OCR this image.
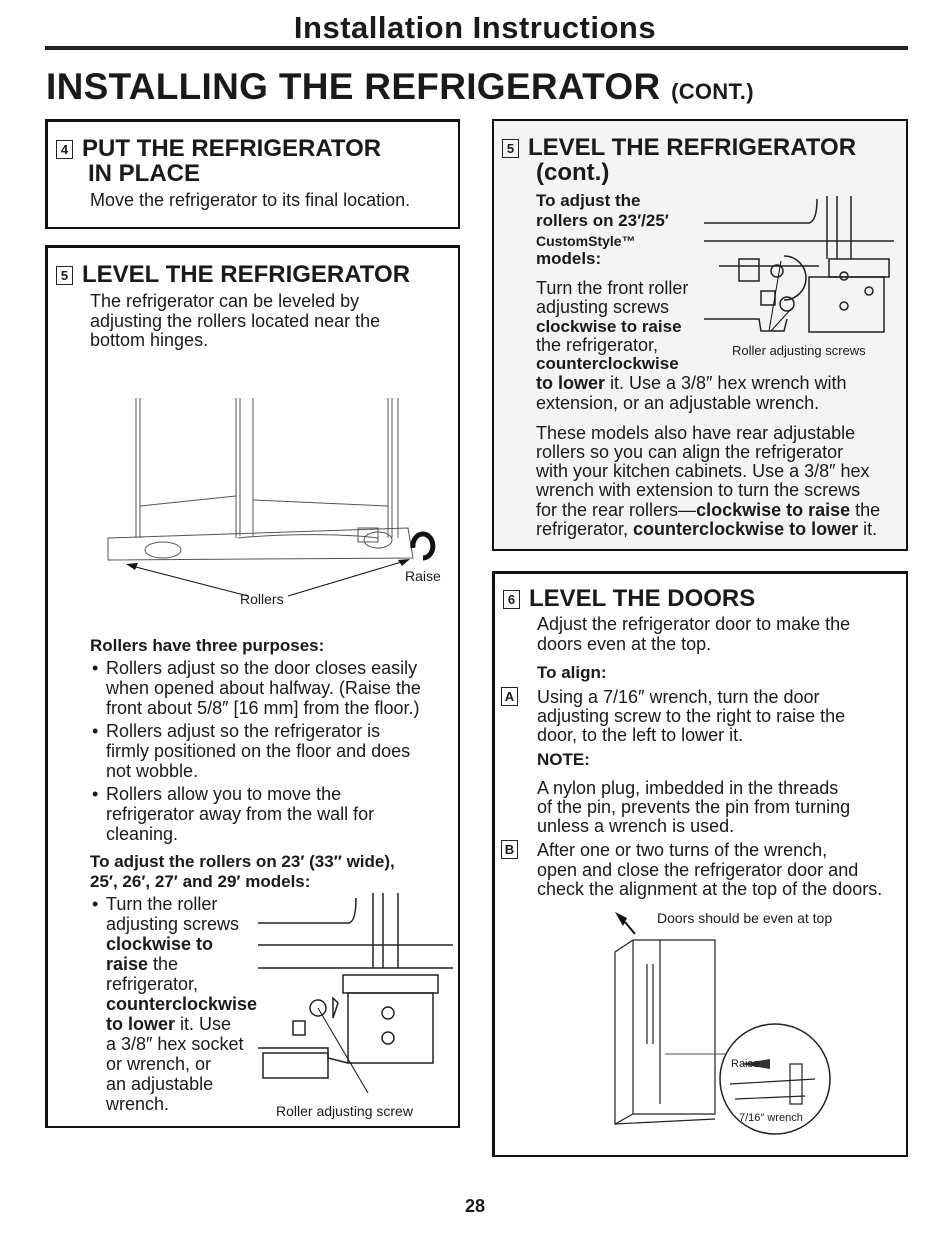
Installation Instructions
INSTALLING THE REFRIGERATOR (CONT.)
4 PUT THE REFRIGERATOR
IN PLACE
Move the refrigerator to its final location.
5 LEVEL THE REFRIGERATOR
The refrigerator can be leveled by
adjusting the rollers located near the
bottom hinges.
Raise
Rollers
Rollers have three purposes:
• Rollers adjust so the door closes easily
when opened about halfway. (Raise the
front about 5/8″ [16 mm] from the floor.)
• Rollers adjust so the refrigerator is
firmly positioned on the floor and does
not wobble.
• Rollers allow you to move the
refrigerator away from the wall for
cleaning.
To adjust the rollers on 23′ (33″ wide),
25′, 26′, 27′ and 29′ models:
• Turn the roller
adjusting screws
clockwise to
raise the
refrigerator,
counterclockwise
to lower it. Use
a 3/8″ hex socket
or wrench, or
an adjustable
wrench.	Roller adjusting screw
5 LEVEL THE REFRIGERATOR
(cont.)
To adjust the
rollers on 23′/25′
CustomStyle™
models:
Turn the front roller
adjusting screws
clockwise to raise
the refrigerator,
counterclockwise
to lower it. Use a 3/8″ hex wrench with
extension, or an adjustable wrench.
Roller adjusting screws
These models also have rear adjustable
rollers so you can align the refrigerator
with your kitchen cabinets. Use a 3/8″ hex
wrench with extension to turn the screws
for the rear rollers—clockwise to raise the
refrigerator, counterclockwise to lower it.
6 LEVEL THE DOORS
Adjust the refrigerator door to make the
doors even at the top.
To align:
A	Using a 7/16″ wrench, turn the door
adjusting screw to the right to raise the
door, to the left to lower it.
NOTE:
A nylon plug, imbedded in the threads
of the pin, prevents the pin from turning
unless a wrench is used.
B	After one or two turns of the wrench,
open and close the refrigerator door and
check the alignment at the top of the doors.
Doors should be even at top
Raise
7/16″ wrench
28
